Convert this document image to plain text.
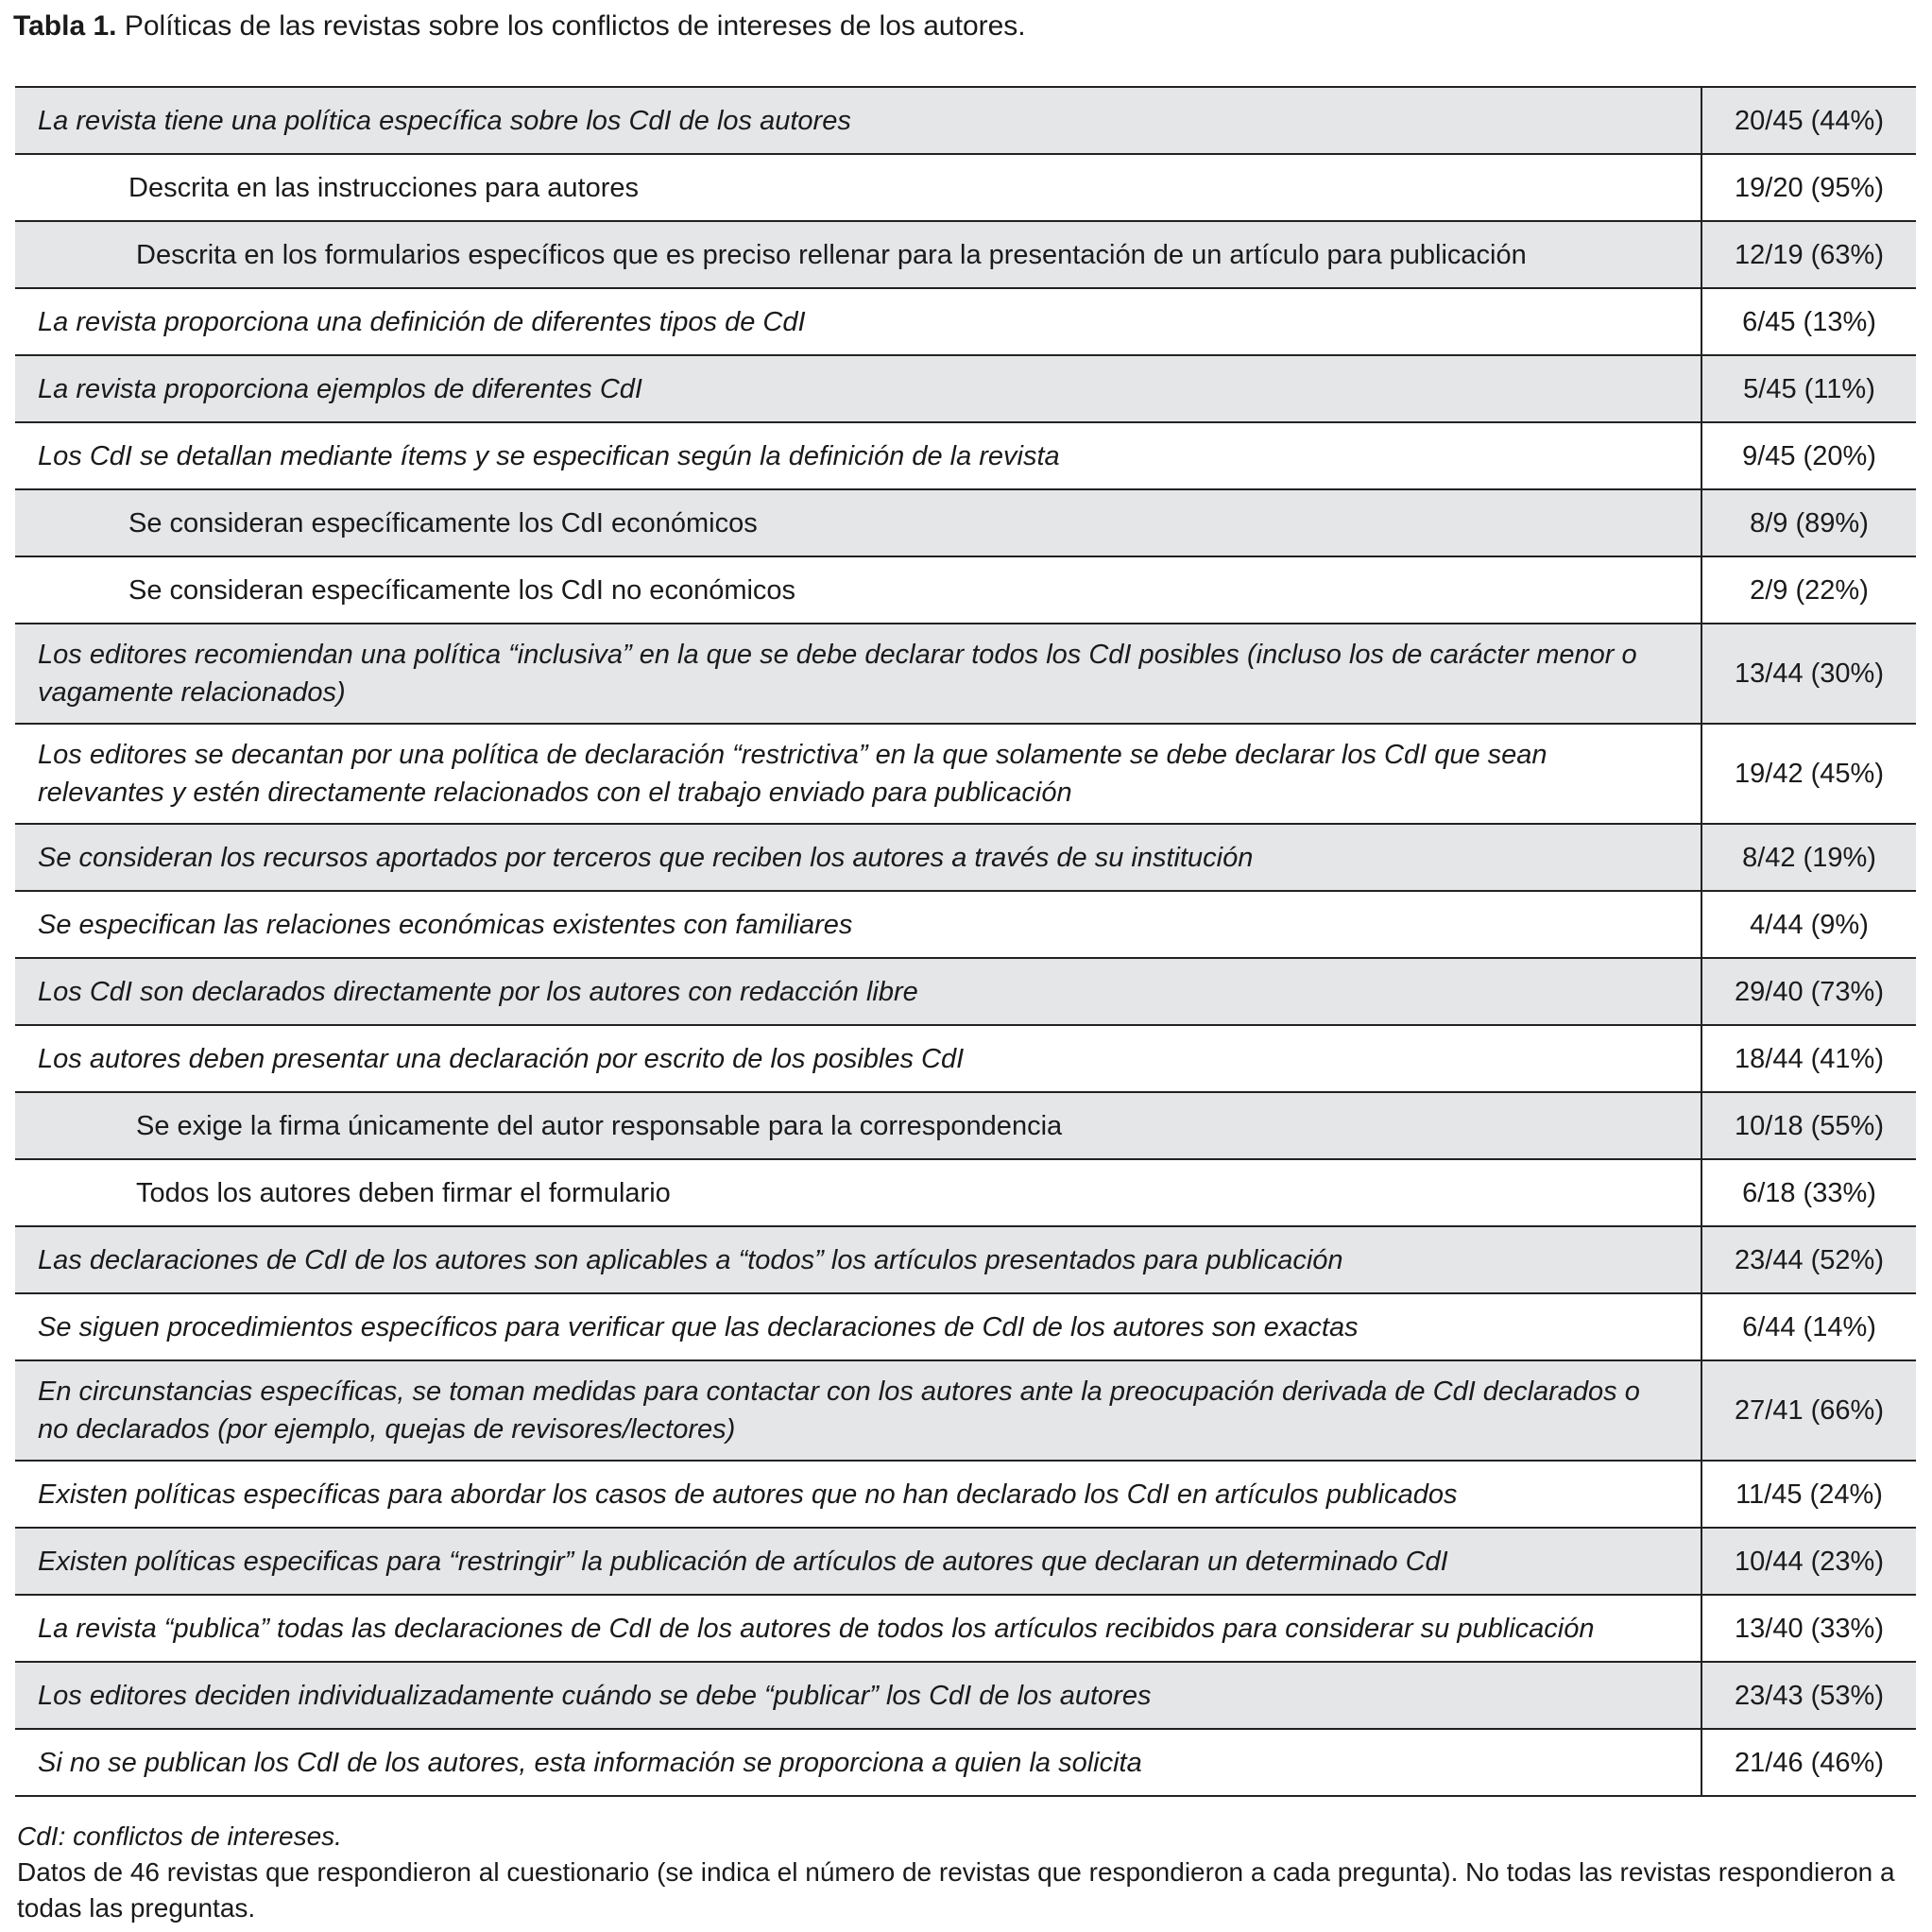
Tabla 1. Políticas de las revistas sobre los conflictos de intereses de los autores.
La revista tiene una política específica sobre los CdI de los autores	20/45 (44%)
Descrita en las instrucciones para autores	19/20 (95%)
Descrita en los formularios específicos que es preciso rellenar para la presentación de un artículo para publicación	12/19 (63%)
La revista proporciona una definición de diferentes tipos de CdI	6/45 (13%)
La revista proporciona ejemplos de diferentes CdI	5/45 (11%)
Los CdI se detallan mediante ítems y se especifican según la definición de la revista	9/45 (20%)
Se consideran específicamente los CdI económicos	8/9 (89%)
Se consideran específicamente los CdI no económicos	2/9 (22%)
Los editores recomiendan una política “inclusiva” en la que se debe declarar todos los CdI posibles (incluso los de carácter menor o vagamente relacionados)	13/44 (30%)
Los editores se decantan por una política de declaración “restrictiva” en la que solamente se debe declarar los CdI que sean relevantes y estén directamente relacionados con el trabajo enviado para publicación	19/42 (45%)
Se consideran los recursos aportados por terceros que reciben los autores a través de su institución	8/42 (19%)
Se especifican las relaciones económicas existentes con familiares	4/44 (9%)
Los CdI son declarados directamente por los autores con redacción libre	29/40 (73%)
Los autores deben presentar una declaración por escrito de los posibles CdI	18/44 (41%)
Se exige la firma únicamente del autor responsable para la correspondencia	10/18 (55%)
Todos los autores deben firmar el formulario	6/18 (33%)
Las declaraciones de CdI de los autores son aplicables a “todos” los artículos presentados para publicación	23/44 (52%)
Se siguen procedimientos específicos para verificar que las declaraciones de CdI de los autores son exactas	6/44 (14%)
En circunstancias específicas, se toman medidas para contactar con los autores ante la preocupación derivada de CdI declarados o no declarados (por ejemplo, quejas de revisores/lectores)	27/41 (66%)
Existen políticas específicas para abordar los casos de autores que no han declarado los CdI en artículos publicados	11/45 (24%)
Existen políticas especificas para “restringir” la publicación de artículos de autores que declaran un determinado CdI	10/44 (23%)
La revista “publica” todas las declaraciones de CdI de los autores de todos los artículos recibidos para considerar su publicación	13/40 (33%)
Los editores deciden individualizadamente cuándo se debe “publicar” los CdI de los autores	23/43 (53%)
Si no se publican los CdI de los autores, esta información se proporciona a quien la solicita	21/46 (46%)
CdI: conflictos de intereses.
Datos de 46 revistas que respondieron al cuestionario (se indica el número de revistas que respondieron a cada pregunta). No todas las revistas respondieron a todas las preguntas.
